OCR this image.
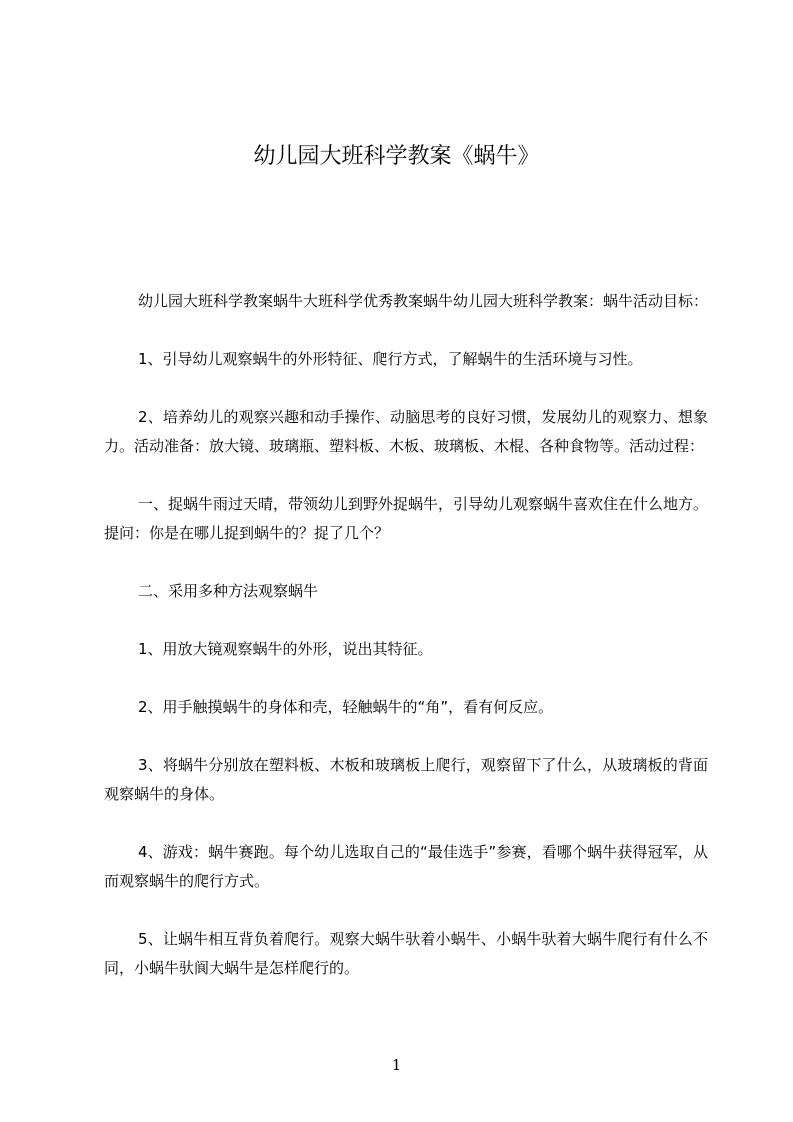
幼儿园大班科学教案《蜗牛》

幼儿园大班科学教案蜗牛大班科学优秀教案蜗牛幼儿园大班科学教案：蜗牛活动目标：

1、引导幼儿观察蜗牛的外形特征、爬行方式，了解蜗牛的生活环境与习性。

2、培养幼儿的观察兴趣和动手操作、动脑思考的良好习惯，发展幼儿的观察力、想象力。活动准备：放大镜、玻璃瓶、塑料板、木板、玻璃板、木棍、各种食物等。活动过程：

一、捉蜗牛雨过天晴，带领幼儿到野外捉蜗牛，引导幼儿观察蜗牛喜欢住在什么地方。提问：你是在哪儿捉到蜗牛的？捉了几个？

二、采用多种方法观察蜗牛

1、用放大镜观察蜗牛的外形，说出其特征。

2、用手触摸蜗牛的身体和壳，轻触蜗牛的“角”，看有何反应。

3、将蜗牛分别放在塑料板、木板和玻璃板上爬行，观察留下了什么，从玻璃板的背面观察蜗牛的身体。

4、游戏：蜗牛赛跑。每个幼儿选取自己的“最佳选手”参赛，看哪个蜗牛获得冠军，从而观察蜗牛的爬行方式。

5、让蜗牛相互背负着爬行。观察大蜗牛驮着小蜗牛、小蜗牛驮着大蜗牛爬行有什么不同，小蜗牛驮阆大蜗牛是怎样爬行的。

1
